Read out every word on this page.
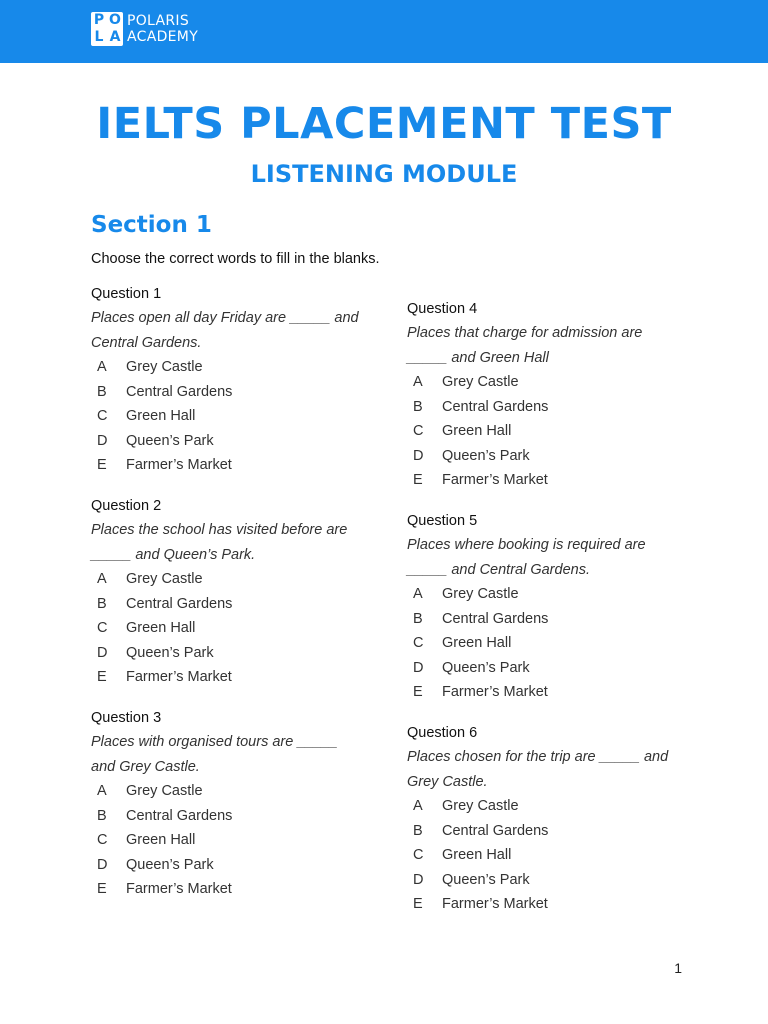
P O
L A
POLARIS
ACADEMY
IELTS PLACEMENT TEST
LISTENING MODULE
Section 1

Choose the correct words to fill in the blanks.

Question 1
Places open all day Friday are _____ and
Central Gardens.
A	Grey Castle
B	Central Gardens
C	Green Hall
D	Queen’s Park
E	Farmer’s Market
Question 2
Places the school has visited before are
_____ and Queen’s Park.
A	Grey Castle
B	Central Gardens
C	Green Hall
D	Queen’s Park
E	Farmer’s Market
Question 3
Places with organised tours are _____
and Grey Castle.
A	Grey Castle
B	Central Gardens
C	Green Hall
D	Queen’s Park
E	Farmer’s Market
Question 4
Places that charge for admission are
_____ and Green Hall
A	Grey Castle
B	Central Gardens
C	Green Hall
D	Queen’s Park
E	Farmer’s Market
Question 5
Places where booking is required are
_____ and Central Gardens.
A	Grey Castle
B	Central Gardens
C	Green Hall
D	Queen’s Park
E	Farmer’s Market
Question 6
Places chosen for the trip are _____ and
Grey Castle.
A	Grey Castle
B	Central Gardens
C	Green Hall
D	Queen’s Park
E	Farmer’s Market
1
